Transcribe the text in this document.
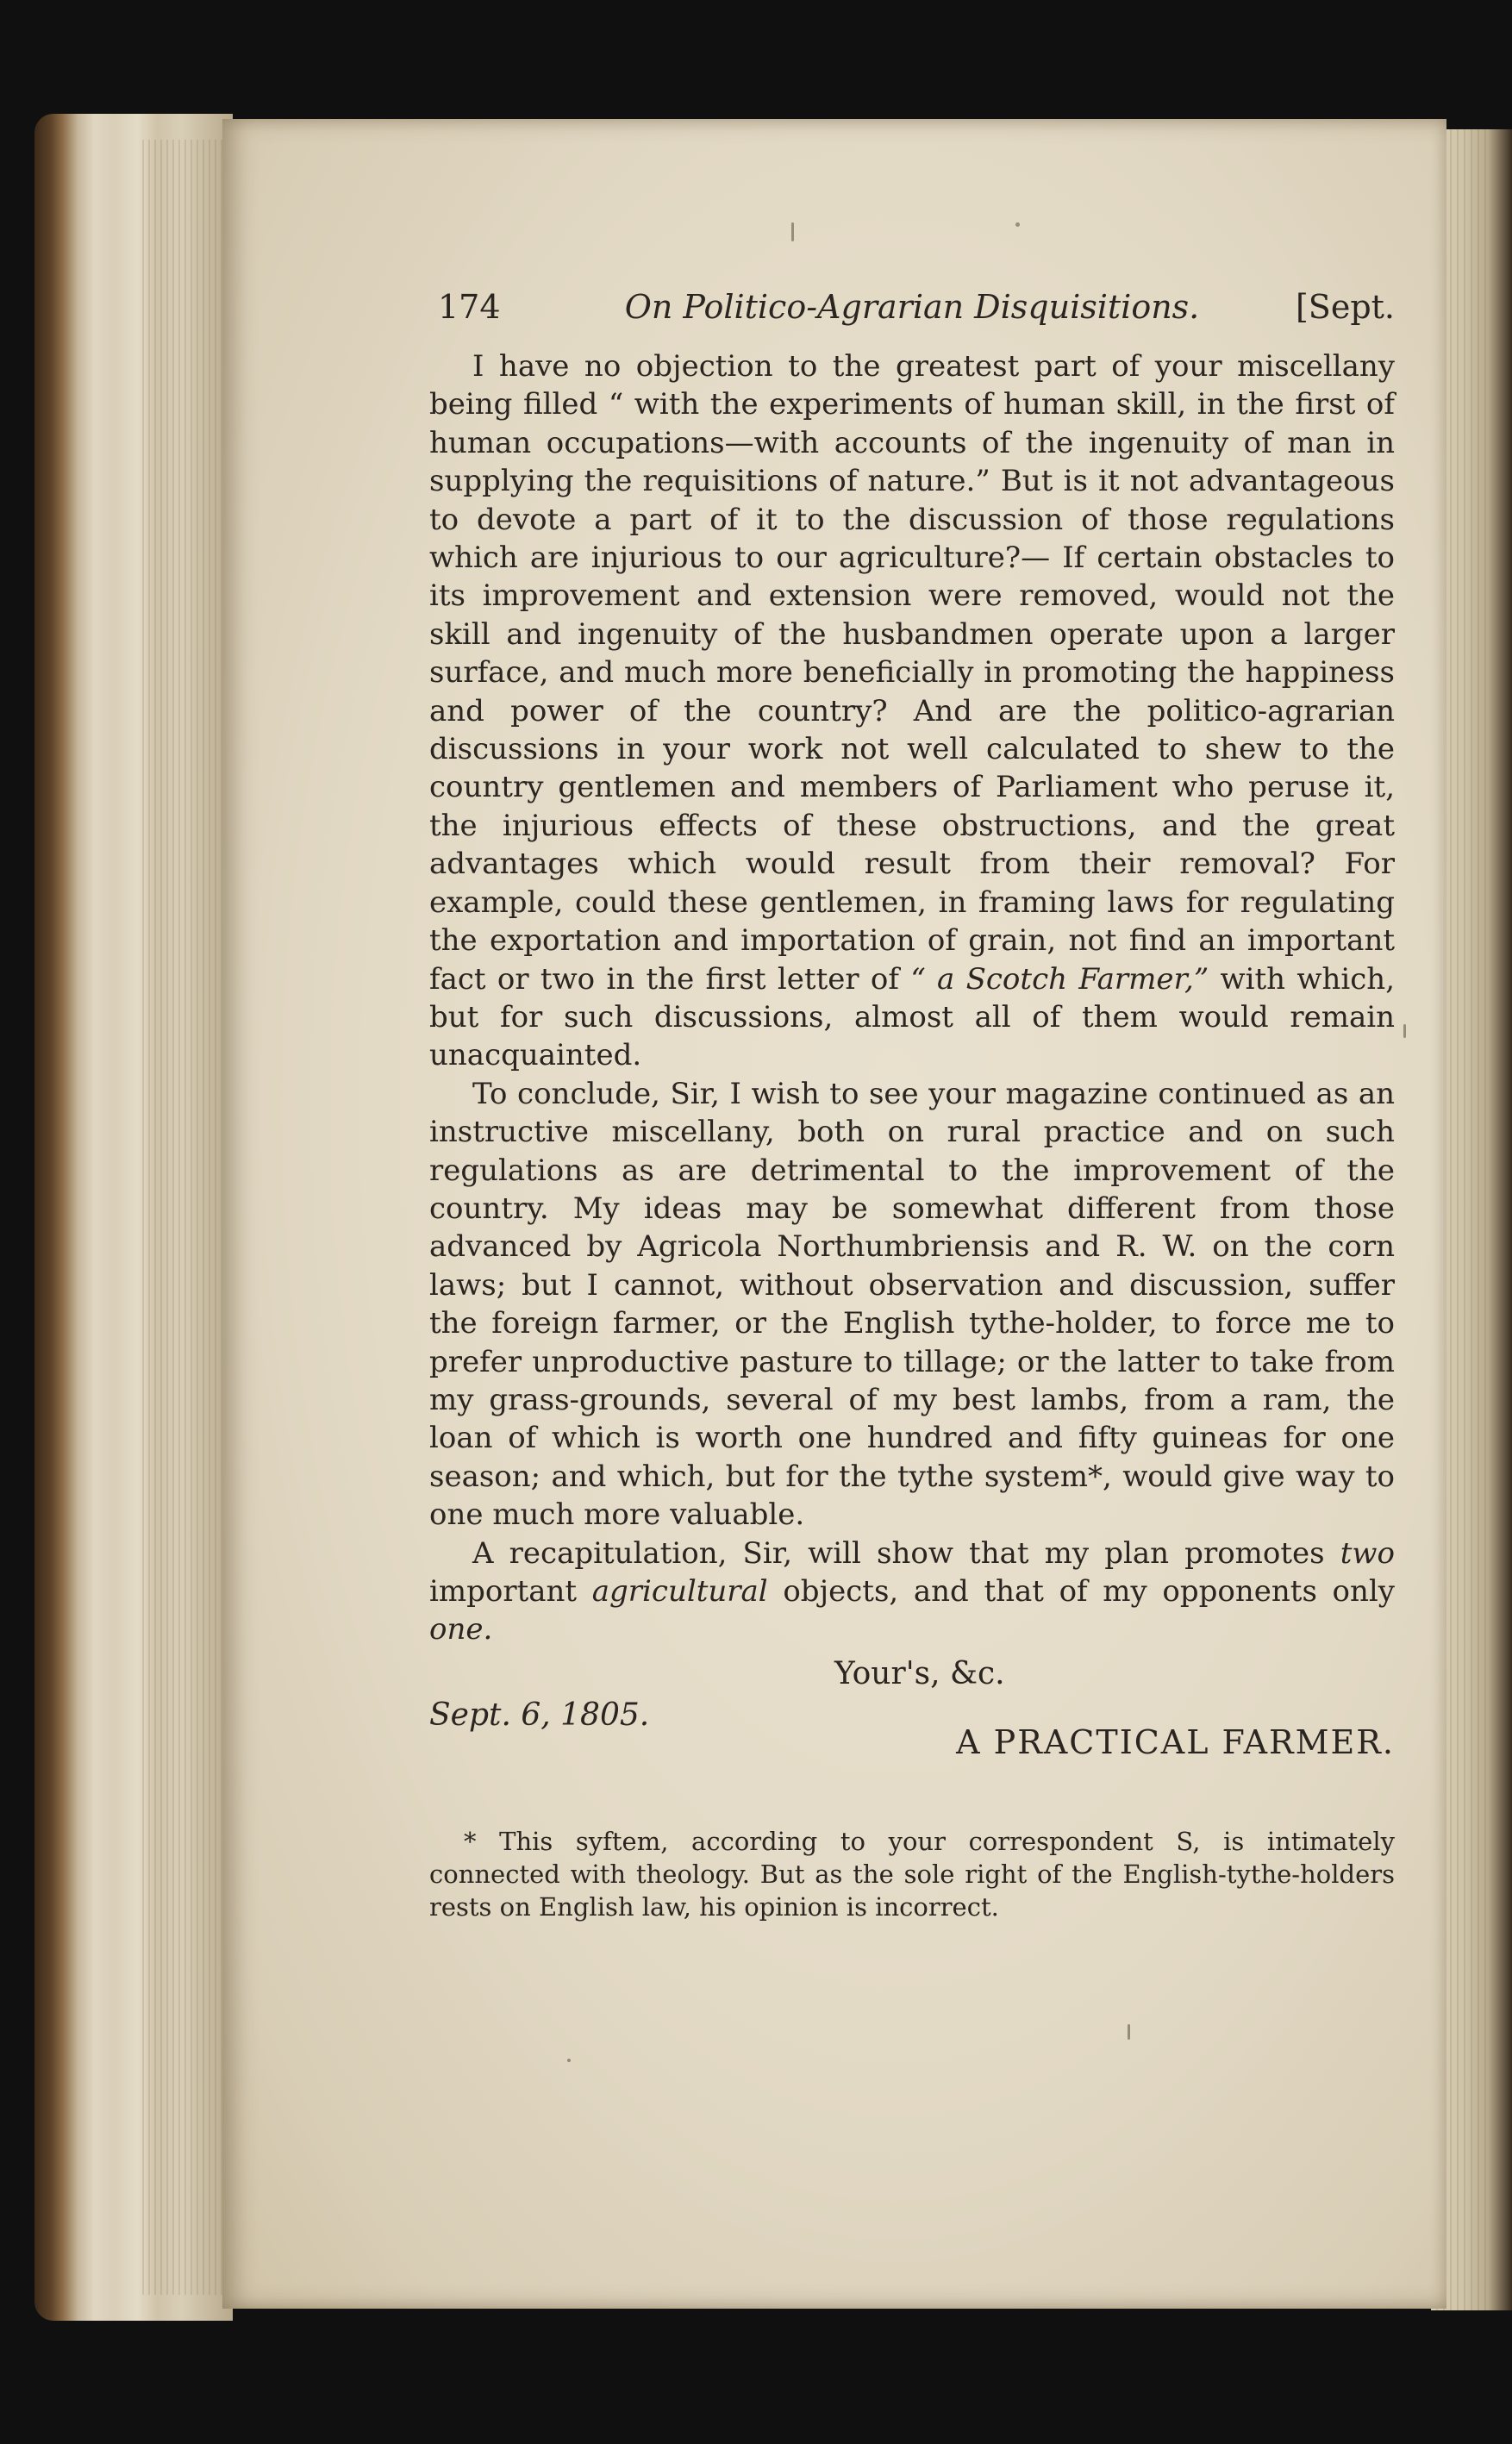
174	On Politico-Agrarian Disquisitions.	[Sept.

I have no objection to the greatest part of your miscellany being filled “ with the experiments of human skill, in the first of human occupations—with accounts of the ingenuity of man in supplying the requisitions of nature.” But is it not advantageous to devote a part of it to the discussion of those regulations which are injurious to our agriculture?— If certain obstacles to its improvement and extension were removed, would not the skill and ingenuity of the husbandmen operate upon a larger surface, and much more beneficially in promoting the happiness and power of the country? And are the politico-agrarian discussions in your work not well calculated to shew to the country gentlemen and members of Parliament who peruse it, the injurious effects of these obstructions, and the great advantages which would result from their removal? For example, could these gentlemen, in framing laws for regulating the exportation and importation of grain, not find an important fact or two in the first letter of “ a Scotch Farmer,” with which, but for such discussions, almost all of them would remain unacquainted.

To conclude, Sir, I wish to see your magazine continued as an instructive miscellany, both on rural practice and on such regulations as are detrimental to the improvement of the country. My ideas may be somewhat different from those advanced by Agricola Northumbriensis and R. W. on the corn laws; but I cannot, without observation and discussion, suffer the foreign farmer, or the English tythe-holder, to force me to prefer unproductive pasture to tillage; or the latter to take from my grass-grounds, several of my best lambs, from a ram, the loan of which is worth one hundred and fifty guineas for one season; and which, but for the tythe system*, would give way to one much more valuable.

A recapitulation, Sir, will show that my plan promotes two important agricultural objects, and that of my opponents only one.

Your's, &c.
Sept. 6, 1805.
A PRACTICAL FARMER.
* This syftem, according to your correspondent S, is intimately connected with theology. But as the sole right of the English-tythe-holders rests on English law, his opinion is incorrect.
